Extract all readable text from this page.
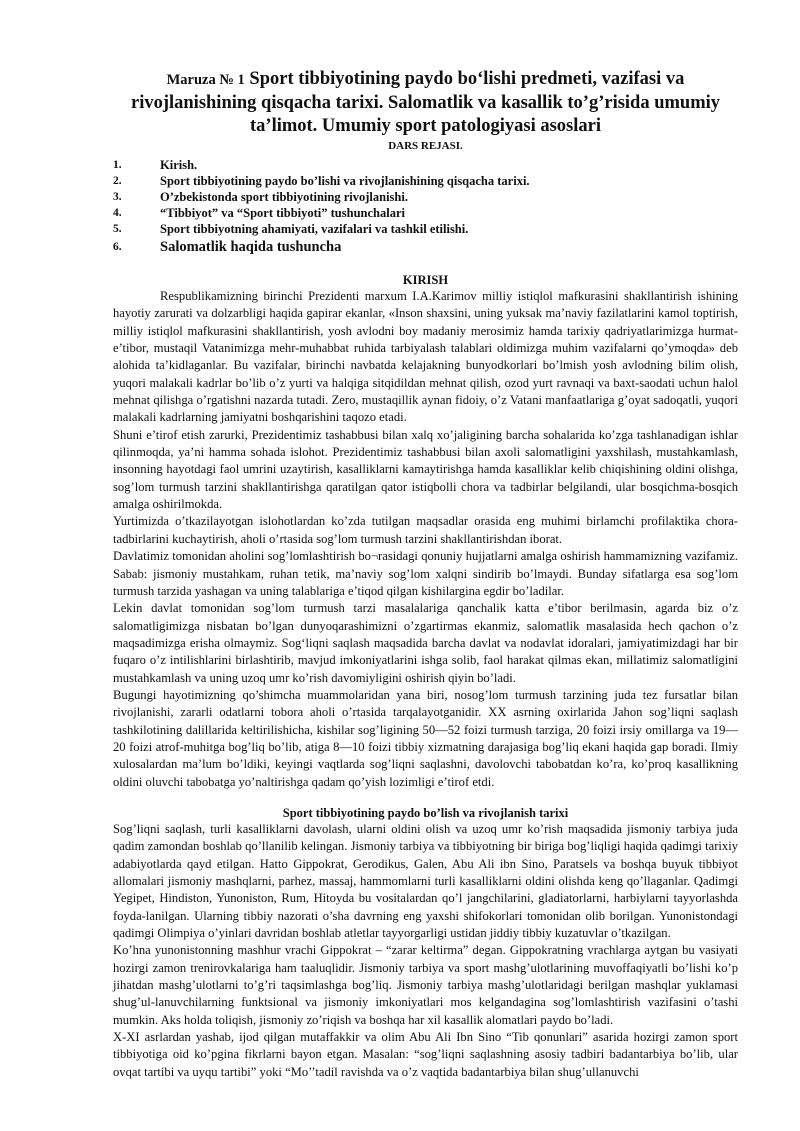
Maruza № 1 Sport tibbiyotining paydo bo‘lishi predmeti, vazifasi va rivojlanishining qisqacha tarixi. Salomatlik va kasallik to’g’risida umumiy ta’limot. Umumiy sport patologiyasi asoslari
DARS REJASI.
1.	Kirish.
2.	Sport tibbiyotining paydo bo’lishi va rivojlanishining qisqacha tarixi.
3.	O’zbekistonda sport tibbiyotining rivojlanishi.
4.	“Tibbiyot” va “Sport tibbiyoti” tushunchalari
5.	Sport tibbiyotning ahamiyati, vazifalari va tashkil etilishi.
6.	Salomatlik haqida tushuncha
KIRISH

Respublikamizning birinchi Prezidenti marxum I.A.Karimov milliy istiqlol mafkurasini shakllantirish ishining hayotiy zarurati va dolzarbligi haqida gapirar ekanlar, «Inson shaxsini, uning yuksak ma’naviy fazilatlarini kamol toptirish, milliy istiqlol mafkurasini shakllantirish, yosh avlodni boy madaniy merosimiz hamda tarixiy qadriyatlarimizga hurmat-e’tibor, mustaqil Vatanimizga mehr-muhabbat ruhida tarbiyalash talablari oldimizga muhim vazifalarni qo’ymoqda» deb alohida ta’kidlaganlar. Bu vazifalar, birinchi navbatda kelajakning bunyodkorlari bo’lmish yosh avlodning bilim olish, yuqori malakali kadrlar bo’lib o’z yurti va halqiga sitqidildan mehnat qilish, ozod yurt ravnaqi va baxt-saodati uchun halol mehnat qilishga o’rgatishni nazarda tutadi. Zero, mustaqillik aynan fidoiy, o’z Vatani manfaatlariga g’oyat sadoqatli, yuqori malakali kadrlarning jamiyatni boshqarishini taqozo etadi.

Shuni e’tirof etish zarurki, Prezidentimiz tashabbusi bilan xalq xo’jaligining barcha sohalarida ko’zga tashlanadigan ishlar qilinmoqda, ya’ni hamma sohada islohot. Prezidentimiz tashabbusi bilan axoli salomatligini yaxshilash, mustahkamlash, insonning hayotdagi faol umrini uzaytirish, kasalliklarni kamaytirishga hamda kasalliklar kelib chiqishining oldini olishga, sog’lom turmush tarzini shakllantirishga qaratilgan qator istiqbolli chora va tadbirlar belgilandi, ular bosqichma-bosqich amalga oshirilmokda.

Yurtimizda o’tkazilayotgan islohotlardan ko’zda tutilgan maqsadlar orasida eng muhimi birlamchi profilaktika chora-tadbirlarini kuchaytirish, aholi o’rtasida sog’lom turmush tarzini shakllantirishdan iborat.

Davlatimiz tomonidan aholini sog’lomlashtirish bo¬rasidagi qonuniy hujjatlarni amalga oshirish hammamizning vazifamiz. Sabab: jismoniy mustahkam, ruhan tetik, ma’naviy sog’lom xalqni sindirib bo’lmaydi. Bunday sifatlarga esa sog’lom turmush tarzida yashagan va uning talablariga e’tiqod qilgan kishilargina egdir bo’ladilar.

Lekin davlat tomonidan sog’lom turmush tarzi masalalariga qanchalik katta e’tibor berilmasin, agarda biz o’z salomatligimizga nisbatan bo’lgan dunyoqarashimizni o’zgartirmas ekanmiz, salomatlik masalasida hech qachon o’z maqsadimizga erisha olmaymiz. Sog‘liqni saqlash maqsadida barcha davlat va nodavlat idoralari, jamiyatimizdagi har bir fuqaro o’z intilishlarini birlashtirib, mavjud imkoniyatlarini ishga solib, faol harakat qilmas ekan, millatimiz salomatligini mustahkamlash va uning uzoq umr ko’rish davomiyligini oshirish qiyin bo’ladi.

Bugungi hayotimizning qo’shimcha muammolaridan yana biri, nosog’lom turmush tarzining juda tez fursatlar bilan rivojlanishi, zararli odatlarni tobora aholi o’rtasida tarqalayotganidir. XX asrning oxirlarida Jahon sog’liqni saqlash tashkilotining dalillarida keltirilishicha, kishilar sog’ligining 50—52 foizi turmush tarziga, 20 foizi irsiy omillarga va 19—20 foizi atrof-muhitga bog’liq bo’lib, atiga 8—10 foizi tibbiy xizmatning darajasiga bog’liq ekani haqida gap boradi. Ilmiy xulosalardan ma’lum bo’ldiki, keyingi vaqtlarda sog’liqni saqlashni, davolovchi tabobatdan ko’ra, ko’proq kasallikning oldini oluvchi tabobatga yo’naltirishga qadam qo’yish lozimligi e’tirof etdi.

Sport tibbiyotining paydo bo’lish va rivojlanish tarixi

Sog’liqni saqlash, turli kasalliklarni davolash, ularni oldini olish va uzoq umr ko’rish maqsadida jismoniy tarbiya juda qadim zamondan boshlab qo’llanilib kelingan. Jismoniy tarbiya va tibbiyotning bir biriga bog’liqligi haqida qadimgi tarixiy adabiyotlarda qayd etilgan. Hatto Gippokrat, Gerodikus, Galen, Abu Ali ibn Sino, Paratsels va boshqa buyuk tibbiyot allomalari jismoniy mashqlarni, parhez, massaj, hammomlarni turli kasalliklarni oldini olishda keng qo’llaganlar. Qadimgi Yegipet, Hindiston, Yunoniston, Rum, Hitoyda bu vositalardan qo’l jangchilarini, gladiatorlarni, harbiylarni tayyorlashda foyda-lanilgan. Ularning tibbiy nazorati o’sha davrning eng yaxshi shifokorlari tomonidan olib borilgan. Yunonistondagi qadimgi Olimpiya o’yinlari davridan boshlab atletlar tayyorgarligi ustidan jiddiy tibbiy kuzatuvlar o’tkazilgan.

Ko’hna yunonistonning mashhur vrachi Gippokrat – “zarar keltirma” degan. Gippokratning vrachlarga aytgan bu vasiyati hozirgi zamon trenirovkalariga ham taaluqlidir. Jismoniy tarbiya va sport mashg’ulotlarining muvoffaqiyatli bo’lishi ko’p jihatdan mashg’ulotlarni to’g’ri taqsimlashga bog’liq. Jismoniy tarbiya mashg’ulotlaridagi berilgan mashqlar yuklamasi shug’ul-lanuvchilarning funktsional va jismoniy imkoniyatlari mos kelgandagina sog’lomlashtirish vazifasini o’tashi mumkin. Aks holda toliqish, jismoniy zo’riqish va boshqa har xil kasallik alomatlari paydo bo’ladi.

X-XI asrlardan yashab, ijod qilgan mutaffakkir va olim Abu Ali Ibn Sino “Tib qonunlari” asarida hozirgi zamon sport tibbiyotiga oid ko’pgina fikrlarni bayon etgan. Masalan: “sog’liqni saqlashning asosiy tadbiri badantarbiya bo’lib, ular ovqat tartibi va uyqu tartibi” yoki “Mo’’tadil ravishda va o’z vaqtida badantarbiya bilan shug’ullanuvchi
